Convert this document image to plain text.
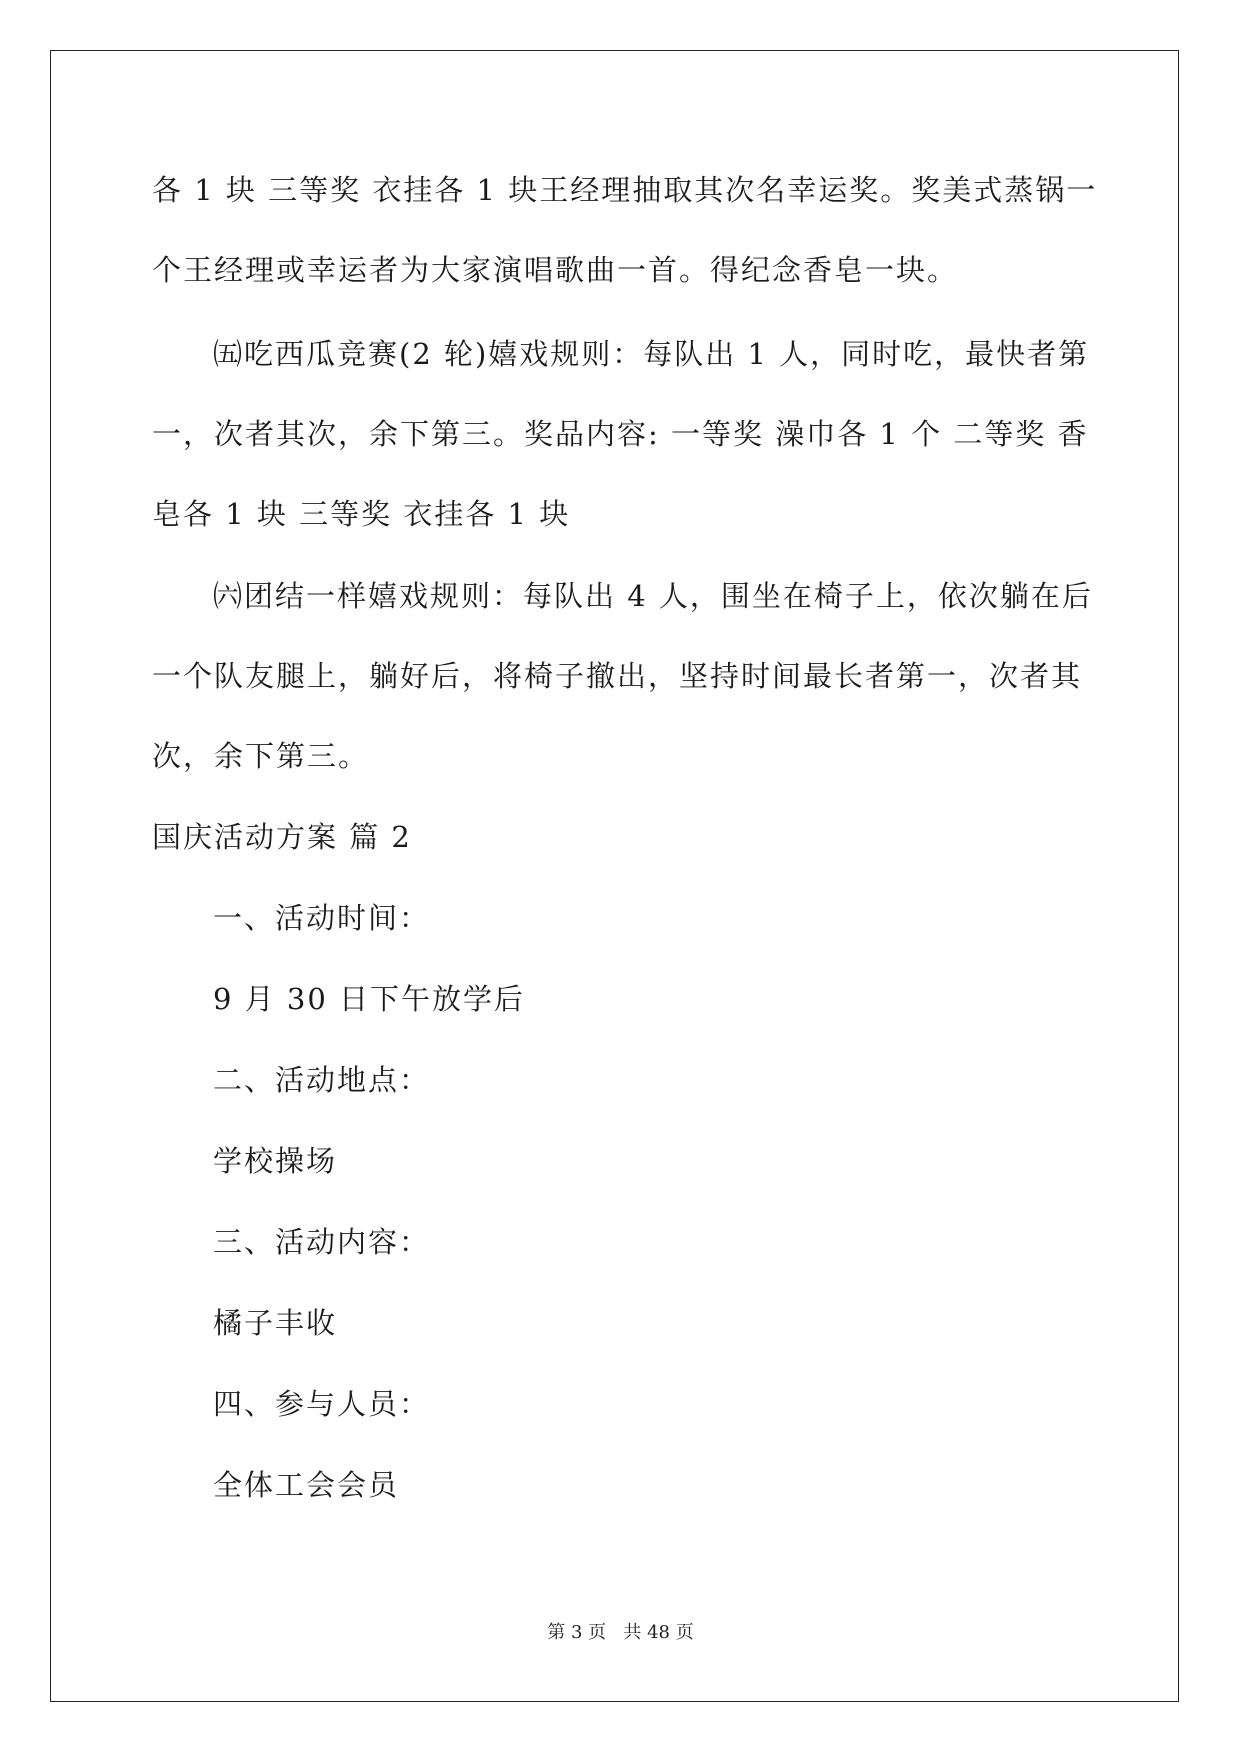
各 1 块 三等奖 衣挂各 1 块王经理抽取其次名幸运奖。奖美式蒸锅一
个王经理或幸运者为大家演唱歌曲一首。得纪念香皂一块。
㈤吃西瓜竞赛(2 轮)嬉戏规则：每队出 1 人，同时吃，最快者第
一，次者其次，余下第三。奖品内容: 一等奖 澡巾各 1 个 二等奖 香
皂各 1 块 三等奖 衣挂各 1 块
㈥团结一样嬉戏规则：每队出 4 人，围坐在椅子上，依次躺在后
一个队友腿上，躺好后，将椅子撤出，坚持时间最长者第一，次者其
次，余下第三。
国庆活动方案 篇 2
一、活动时间：
9 月 30 日下午放学后
二、活动地点：
学校操场
三、活动内容：
橘子丰收
四、参与人员：
全体工会会员
第 3 页   共 48 页
